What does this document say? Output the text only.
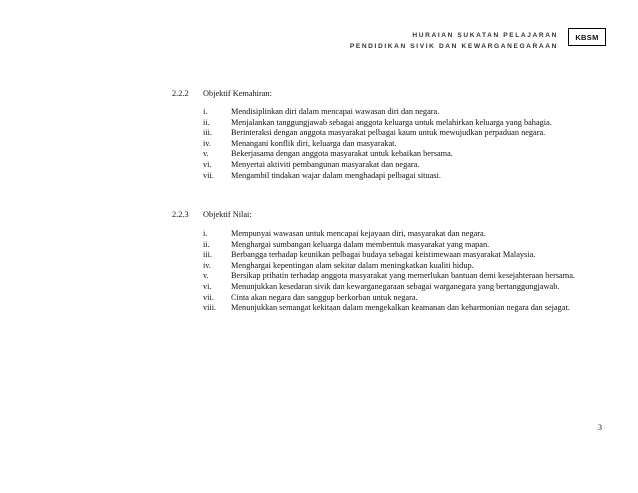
HURAIAN SUKATAN PELAJARAN
PENDIDIKAN SIVIK DAN KEWARGANEGARAAN
KBSM
2.2.2 Objektif Kemahiran:
i.	Mendisiplinkan diri dalam mencapai wawasan diri dan negara.
ii.	Menjalankan tanggungjawab sebagai anggota keluarga untuk melahirkan keluarga yang bahagia.
iii.	Berinteraksi dengan anggota masyarakat pelbagai kaum untuk mewujudkan perpaduan negara.
iv.	Menangani konflik diri, keluarga dan masyarakat.
v.	Bekerjasama dengan anggota masyarakat untuk kebaikan bersama.
vi.	Menyertai aktiviti pembangunan masyarakat dan negara.
vii.	Mengambil tindakan wajar dalam menghadapi pelbagai situasi.
2.2.3 Objektif Nilai:
i.	Mempunyai wawasan untuk mencapai kejayaan diri, masyarakat dan negara.
ii.	Menghargai sumbangan keluarga dalam membentuk masyarakat yang mapan.
iii.	Berbangga terhadap keunikan pelbagai budaya sebagai keistimewaan masyarakat Malaysia.
iv.	Menghargai kepentingan alam sekitar dalam meningkatkan kualiti hidup.
v.	Bersikap prihatin terhadap anggota masyarakat yang memerlukan bantuan demi kesejahteraan bersama.
vi.	Menunjukkan kesedaran sivik dan kewarganegaraan sebagai warganegara yang bertanggungjawab.
vii.	Cinta akan negara dan sanggup berkorban untuk negara.
viii.	Menunjukkan semangat kekitaan dalam mengekalkan keamanan dan keharmonian negara dan sejagat.
3
